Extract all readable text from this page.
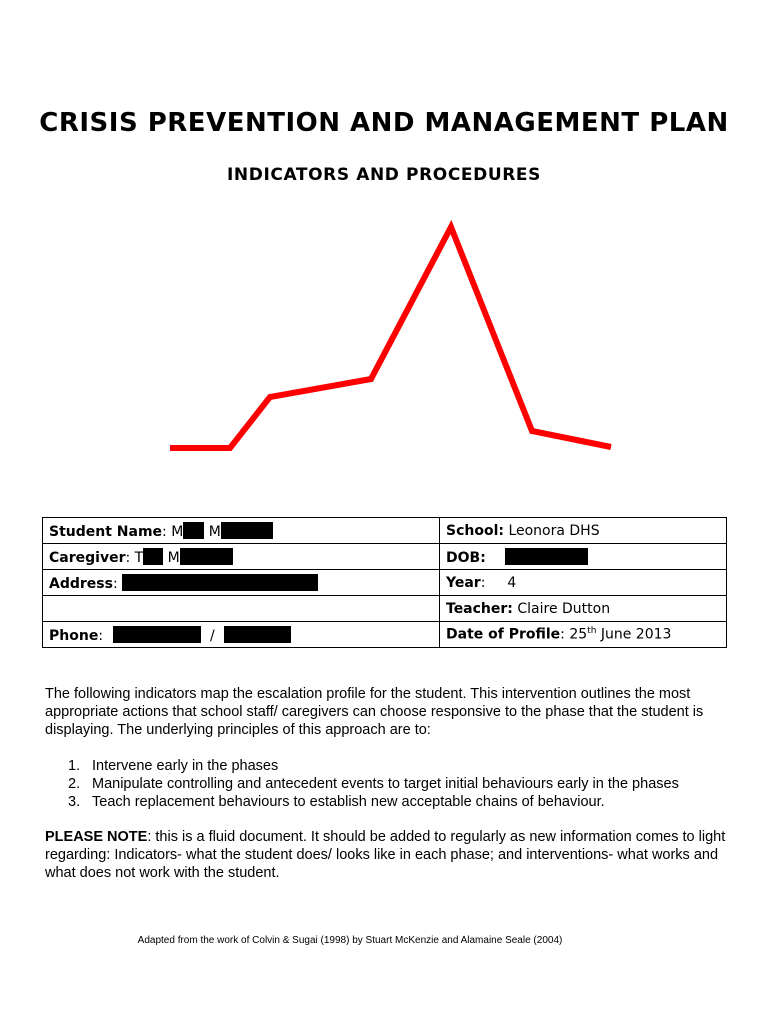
CRISIS PREVENTION AND MANAGEMENT PLAN
INDICATORS AND PROCEDURES
Student Name: M M	School: Leonora DHS
Caregiver: T M	DOB:
Address:	Year: 4
	Teacher: Claire Dutton
Phone: /	Date of Profile: 25th June 2013

The following indicators map the escalation profile for the student. This intervention outlines the most appropriate actions that school staff/ caregivers can choose responsive to the phase that the student is displaying. The underlying principles of this approach are to:

1. Intervene early in the phases
2. Manipulate controlling and antecedent events to target initial behaviours early in the phases
3. Teach replacement behaviours to establish new acceptable chains of behaviour.

PLEASE NOTE: this is a fluid document. It should be added to regularly as new information comes to light regarding: Indicators- what the student does/ looks like in each phase; and interventions- what works and what does not work with the student.

Adapted from the work of Colvin & Sugai (1998) by Stuart McKenzie and Alamaine Seale (2004)
